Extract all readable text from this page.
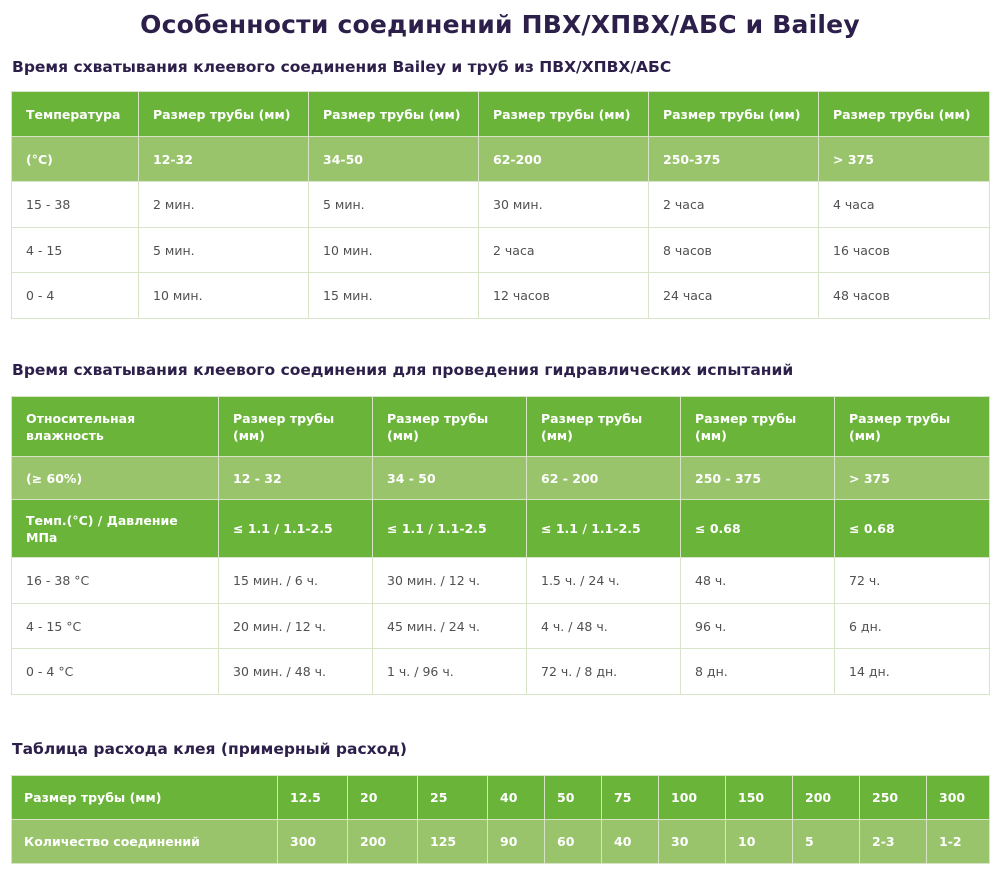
Особенности соединений ПВХ/ХПВХ/АБС и Bailey
Время схватывания клеевого соединения Bailey и труб из ПВХ/ХПВХ/АБС
Температура	Размер трубы (мм)	Размер трубы (мм)	Размер трубы (мм)	Размер трубы (мм)	Размер трубы (мм)
(°С)	12-32	34-50	62-200	250-375	> 375
15 - 38	2 мин.	5 мин.	30 мин.	2 часа	4 часа
4 - 15	5 мин.	10 мин.	2 часа	8 часов	16 часов
0 - 4	10 мин.	15 мин.	12 часов	24 часа	48 часов
Время схватывания клеевого соединения для проведения гидравлических испытаний
Относительная влажность	Размер трубы (мм)	Размер трубы (мм)	Размер трубы (мм)	Размер трубы (мм)	Размер трубы (мм)
(≥ 60%)	12 - 32	34 - 50	62 - 200	250 - 375	> 375
Темп.(°С) / Давление МПа	≤ 1.1 / 1.1-2.5	≤ 1.1 / 1.1-2.5	≤ 1.1 / 1.1-2.5	≤ 0.68	≤ 0.68
16 - 38 °С	15 мин. / 6 ч.	30 мин. / 12 ч.	1.5 ч. / 24 ч.	48 ч.	72 ч.
4 - 15 °С	20 мин. / 12 ч.	45 мин. / 24 ч.	4 ч. / 48 ч.	96 ч.	6 дн.
0 - 4 °С	30 мин. / 48 ч.	1 ч. / 96 ч.	72 ч. / 8 дн.	8 дн.	14 дн.
Таблица расхода клея (примерный расход)
Размер трубы (мм)	12.5	20	25	40	50	75	100	150	200	250	300
Количество соединений	300	200	125	90	60	40	30	10	5	2-3	1-2
